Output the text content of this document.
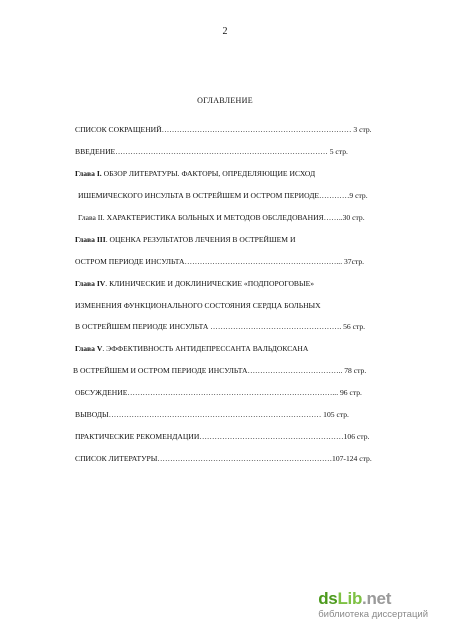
2
ОГЛАВЛЕНИЕ
СПИСОК СОКРАЩЕНИЙ………………………………………………………………… 3 стр.
ВВЕДЕНИЕ………………………………………………………………………… 5 стр.
Глава I. ОБЗОР ЛИТЕРАТУРЫ. ФАКТОРЫ, ОПРЕДЕЛЯЮЩИЕ ИСХОД
ИШЕМИЧЕСКОГО ИНСУЛЬТА В ОСТРЕЙШЕМ И ОСТРОМ ПЕРИОДЕ…………9 стр.
Глава II. ХАРАКТЕРИСТИКА БОЛЬНЫХ И МЕТОДОВ ОБСЛЕДОВАНИЯ……..30 стр.
Глава III. ОЦЕНКА РЕЗУЛЬТАТОВ ЛЕЧЕНИЯ В ОСТРЕЙШЕМ И
ОСТРОМ ПЕРИОДЕ ИНСУЛЬТА……………………………………………………... 37стр.
Глава IV. КЛИНИЧЕСКИЕ И ДОКЛИНИЧЕСКИЕ «ПОДПОРОГОВЫЕ»
ИЗМЕНЕНИЯ ФУНКЦИОНАЛЬНОГО СОСТОЯНИЯ СЕРДЦА БОЛЬНЫХ
В ОСТРЕЙШЕМ ПЕРИОДЕ ИНСУЛЬТА ……………………………………………. 56 стр.
Глава V. ЭФФЕКТИВНОСТЬ АНТИДЕПРЕССАНТА ВАЛЬДОКСАНА
В ОСТРЕЙШЕМ И ОСТРОМ ПЕРИОДЕ ИНСУЛЬТА……………………………….. 78 стр.
ОБСУЖДЕНИЕ………………………………………………………………………... 96 стр.
ВЫВОДЫ………………………………………………………………………… 105 стр.
ПРАКТИЧЕСКИЕ РЕКОМЕНДАЦИИ…………………………………………………106 стр.
СПИСОК ЛИТЕРАТУРЫ……………………………………………………………107-124 стр.
dsLib.net
библиотека диссертаций
